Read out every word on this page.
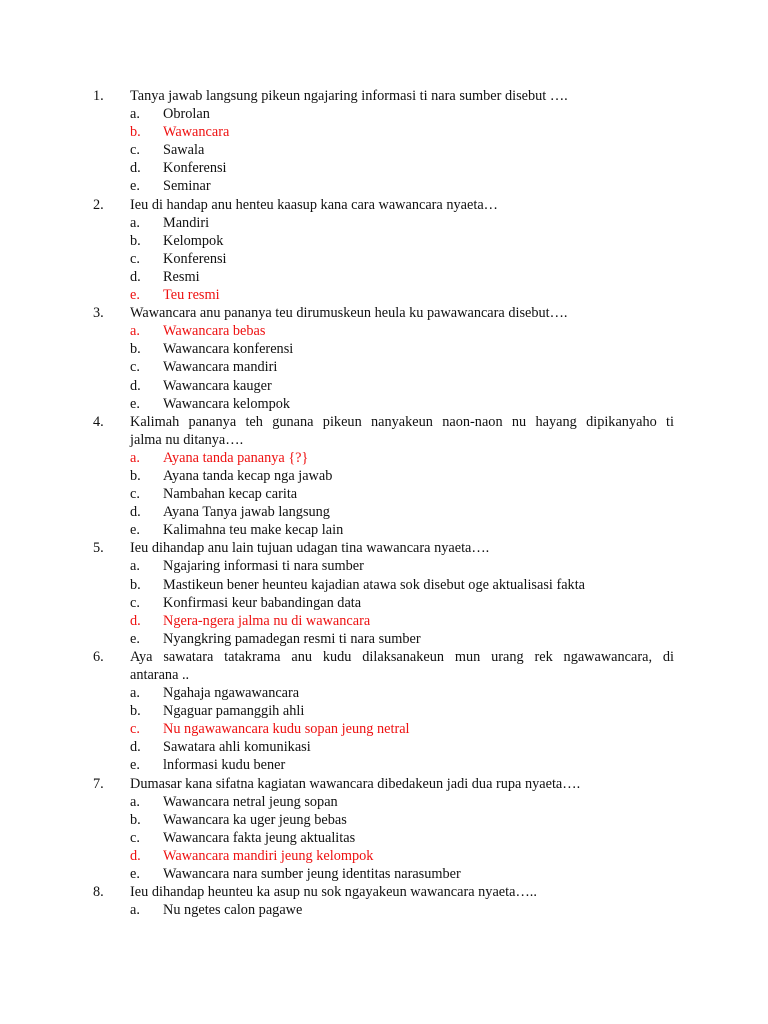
1. Tanya jawab langsung pikeun ngajaring informasi ti nara sumber disebut ….
a. Obrolan
b. Wawancara
c. Sawala
d. Konferensi
e. Seminar
2. Ieu di handap anu henteu kaasup kana cara wawancara nyaeta…
a. Mandiri
b. Kelompok
c. Konferensi
d. Resmi
e. Teu resmi
3. Wawancara anu pananya teu dirumuskeun heula ku pawawancara disebut….
a. Wawancara bebas
b. Wawancara konferensi
c. Wawancara mandiri
d. Wawancara kauger
e. Wawancara kelompok
4. Kalimah pananya teh gunana pikeun nanyakeun naon-naon nu hayang dipikanyaho ti
jalma nu ditanya….
a. Ayana tanda pananya {?}
b. Ayana tanda kecap nga jawab
c. Nambahan kecap carita
d. Ayana Tanya jawab langsung
e. Kalimahna teu make kecap lain
5. Ieu dihandap anu lain tujuan udagan tina wawancara nyaeta….
a. Ngajaring informasi ti nara sumber
b. Mastikeun bener heunteu kajadian atawa sok disebut oge aktualisasi fakta
c. Konfirmasi keur babandingan data
d. Ngera-ngera jalma nu di wawancara
e. Nyangkring pamadegan resmi ti nara sumber
6. Aya sawatara tatakrama anu kudu dilaksanakeun mun urang rek ngawawancara, di
antarana ..
a. Ngahaja ngawawancara
b. Ngaguar pamanggih ahli
c. Nu ngawawancara kudu sopan jeung netral
d. Sawatara ahli komunikasi
e. lnformasi kudu bener
7. Dumasar kana sifatna kagiatan wawancara dibedakeun jadi dua rupa nyaeta….
a. Wawancara netral jeung sopan
b. Wawancara ka uger jeung bebas
c. Wawancara fakta jeung aktualitas
d. Wawancara mandiri jeung kelompok
e. Wawancara nara sumber jeung identitas narasumber
8. Ieu dihandap heunteu ka asup nu sok ngayakeun wawancara nyaeta…..
a. Nu ngetes calon pagawe
